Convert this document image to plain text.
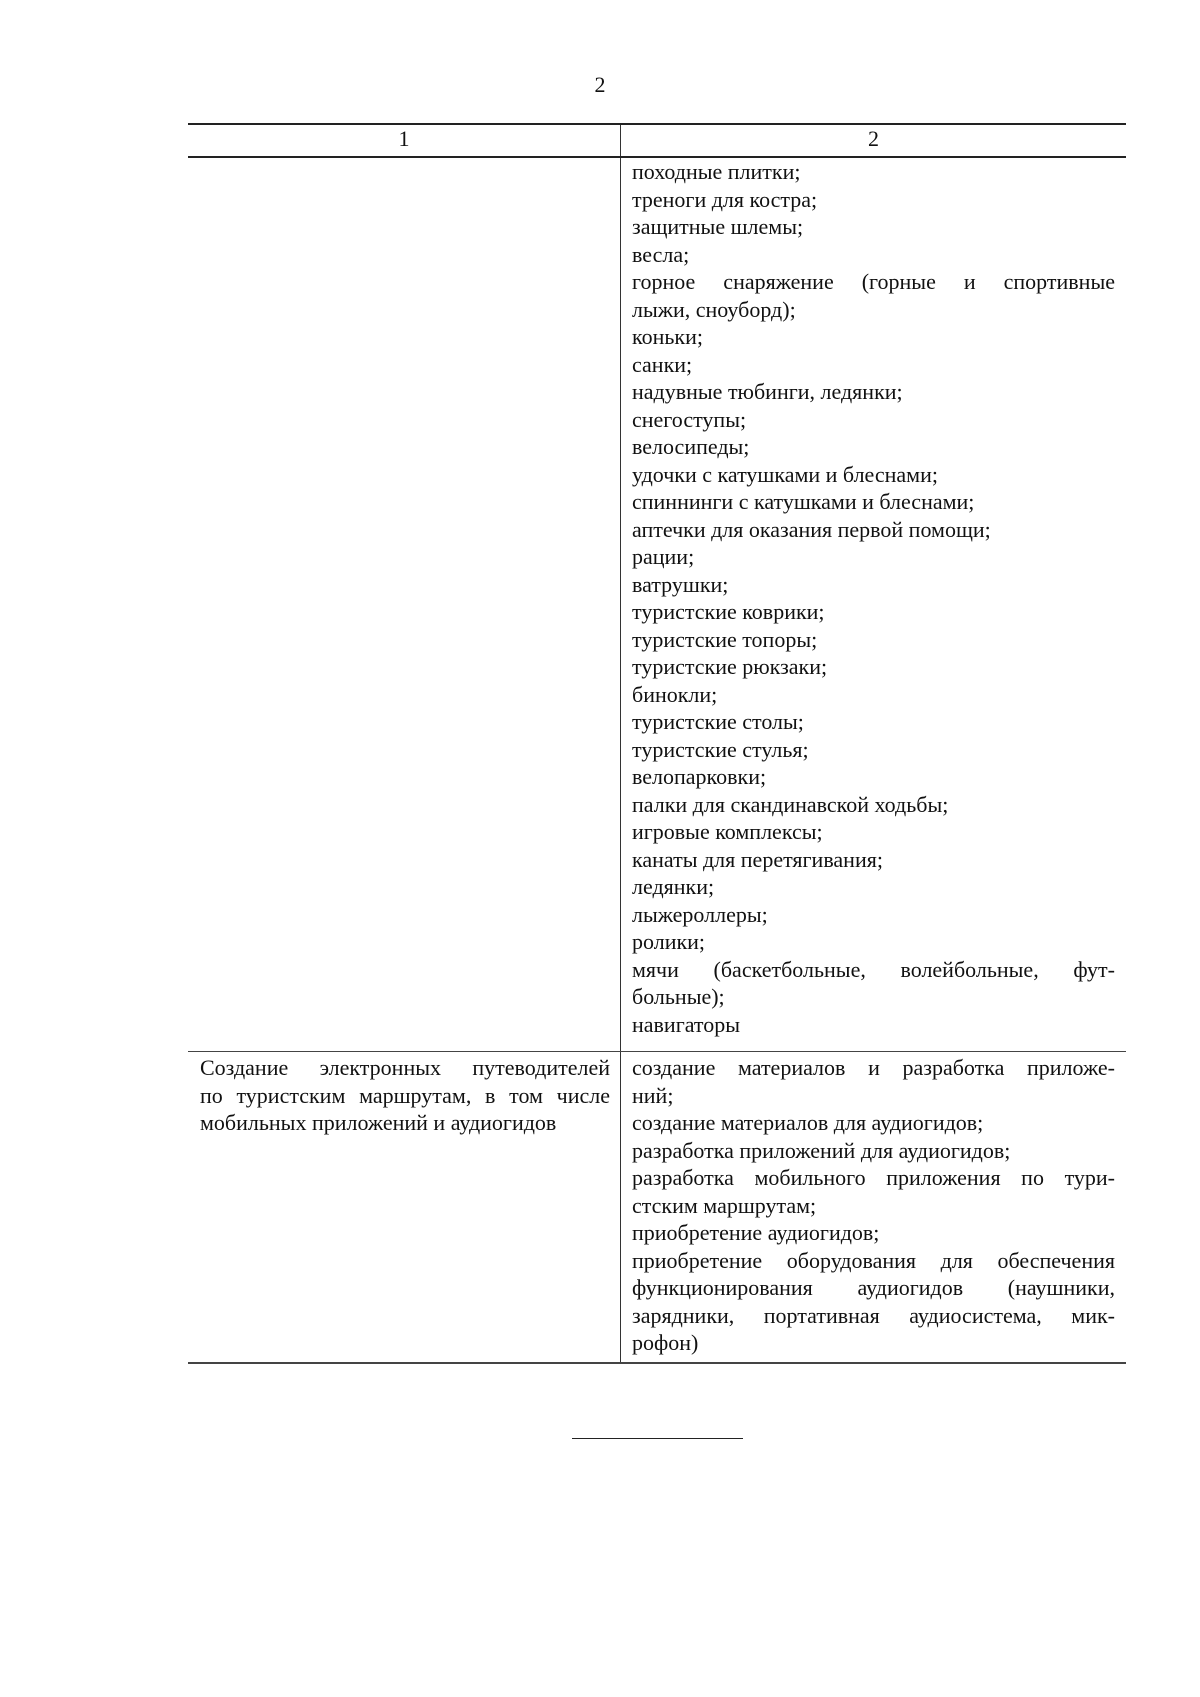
2
1	2
походные плитки;
треноги для костра;
защитные шлемы;
весла;
горное снаряжение (горные и спортивные
лыжи, сноуборд);
коньки;
санки;
надувные тюбинги, ледянки;
снегоступы;
велосипеды;
удочки с катушками и блеснами;
спиннинги с катушками и блеснами;
аптечки для оказания первой помощи;
рации;
ватрушки;
туристские коврики;
туристские топоры;
туристские рюкзаки;
бинокли;
туристские столы;
туристские стулья;
велопарковки;
палки для скандинавской ходьбы;
игровые комплексы;
канаты для перетягивания;
ледянки;
лыжероллеры;
ролики;
мячи (баскетбольные, волейбольные, фут-
больные);
навигаторы
Создание электронных путеводителей
по туристским маршрутам, в том числе
мобильных приложений и аудиогидов
создание материалов и разработка приложе-
ний;
создание материалов для аудиогидов;
разработка приложений для аудиогидов;
разработка мобильного приложения по тури-
стским маршрутам;
приобретение аудиогидов;
приобретение оборудования для обеспечения
функционирования аудиогидов (наушники,
зарядники, портативная аудиосистема, мик-
рофон)
